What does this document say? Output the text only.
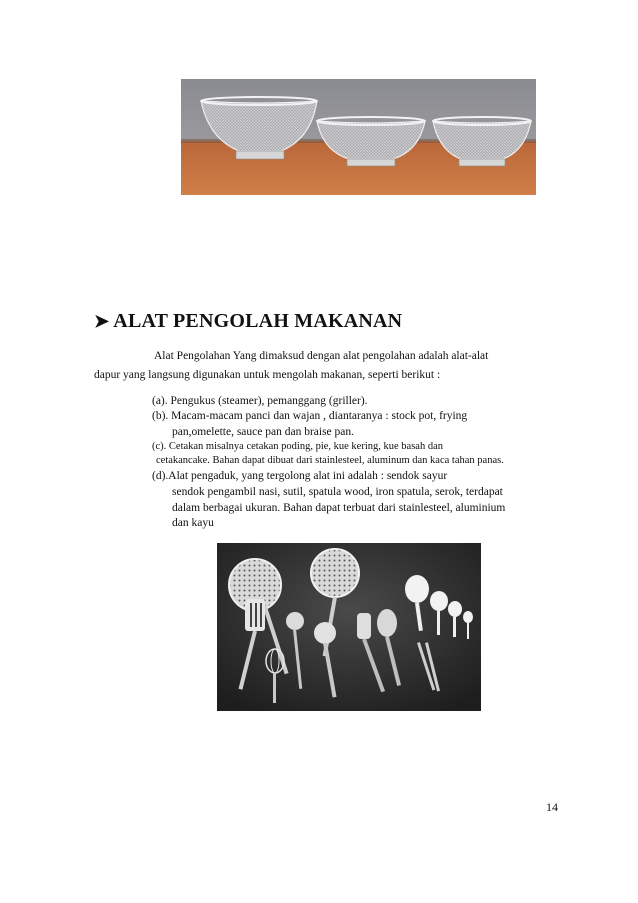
➤ ALAT PENGOLAH MAKANAN
Alat Pengolahan Yang dimaksud dengan alat pengolahan adalah alat-alat
dapur yang langsung digunakan untuk mengolah makanan, seperti berikut :
(a). Pengukus (steamer), pemanggang (griller).
(b). Macam-macam panci dan wajan , diantaranya : stock pot, frying
pan,omelette, sauce pan dan braise pan.
(c). Cetakan misalnya cetakan poding, pie, kue kering, kue basah dan
cetakancake. Bahan dapat dibuat dari stainlesteel, aluminum dan kaca tahan panas.
(d).Alat pengaduk, yang tergolong alat ini adalah : sendok sayur
sendok pengambil nasi, sutil, spatula wood, iron spatula, serok, terdapat
dalam berbagai ukuran. Bahan dapat terbuat dari stainlesteel, aluminium
dan kayu
14
